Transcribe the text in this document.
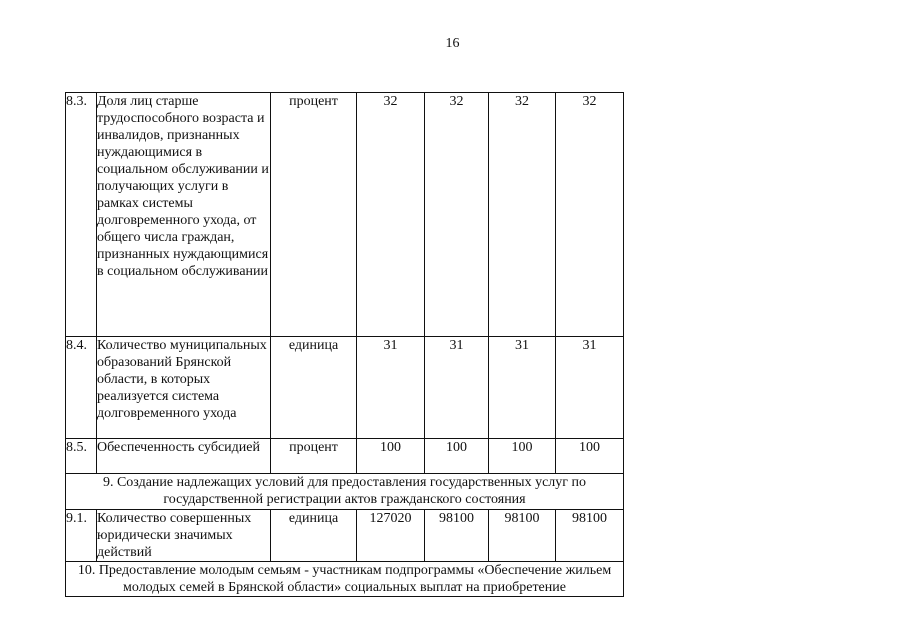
16
8.3.	Доля лиц старше трудоспособного возраста и инвалидов, признанных нуждающимися в социальном обслуживании и получающих услуги в рамках системы долговременного ухода, от общего числа граждан, признанных нуждающимися в социальном обслуживании	процент	32	32	32	32
8.4.	Количество муниципальных образований Брянской области, в которых реализуется система долговременного ухода	единица	31	31	31	31
8.5.	Обеспеченность субсидией	процент	100	100	100	100
9. Создание надлежащих условий для предоставления государственных услуг по государственной регистрации актов гражданского состояния						
9.1.	Количество совершенных юридически значимых действий	единица	127020	98100	98100	98100
10. Предоставление молодым семьям - участникам подпрограммы «Обеспечение жильем молодых семей в Брянской области» социальных выплат на приобретение						
